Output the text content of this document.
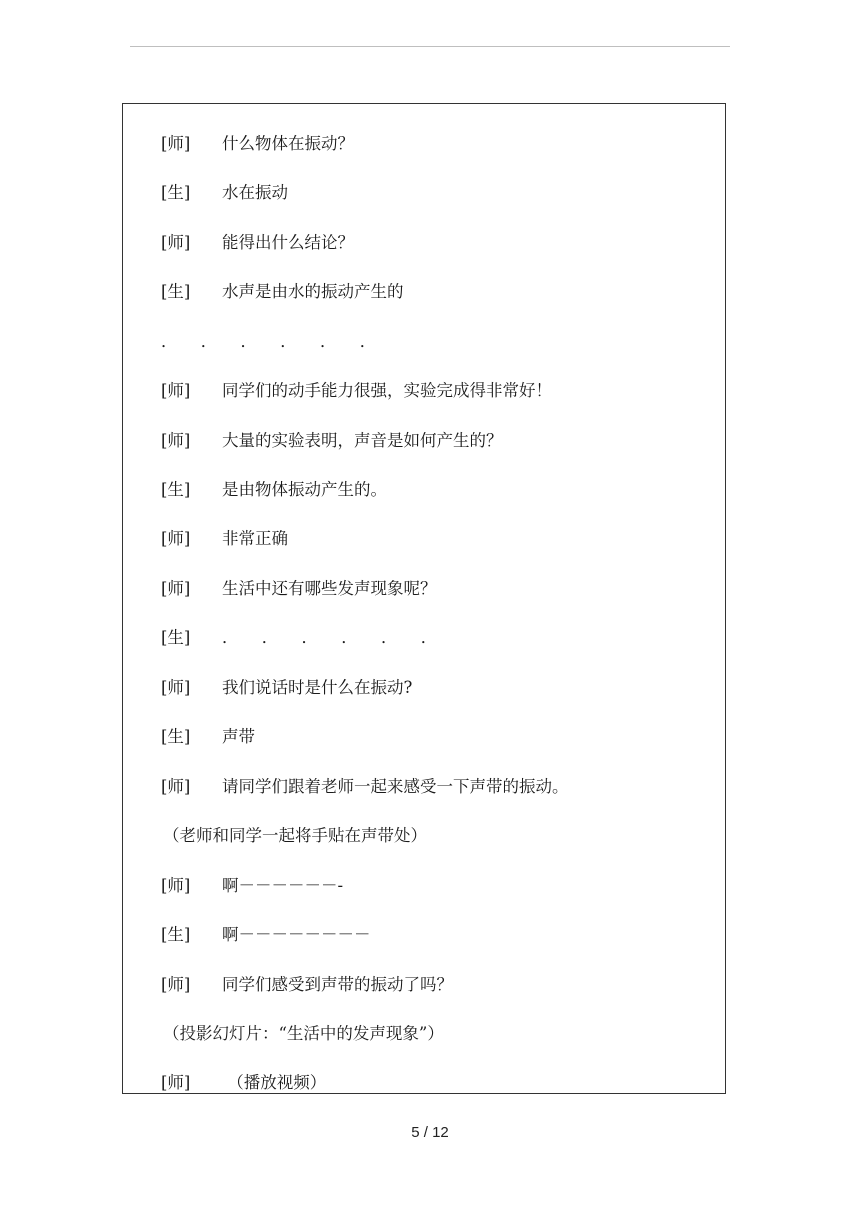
[师] 什么物体在振动？
[生] 水在振动
[师] 能得出什么结论？
[生] 水声是由水的振动产生的
． ． ． ． ． ．
[师] 同学们的动手能力很强，实验完成得非常好！
[师] 大量的实验表明，声音是如何产生的？
[生] 是由物体振动产生的。
[师] 非常正确
[师] 生活中还有哪些发声现象呢？
[生] ． ． ． ． ． ．
[师] 我们说话时是什么在振动?
[生] 声带
[师] 请同学们跟着老师一起来感受一下声带的振动。
（老师和同学一起将手贴在声带处）
[师] 啊－－－－－－-
[生] 啊－－－－－－－－
[师] 同学们感受到声带的振动了吗？
（投影幻灯片：“生活中的发声现象”）
[师] （播放视频）
5 / 12
